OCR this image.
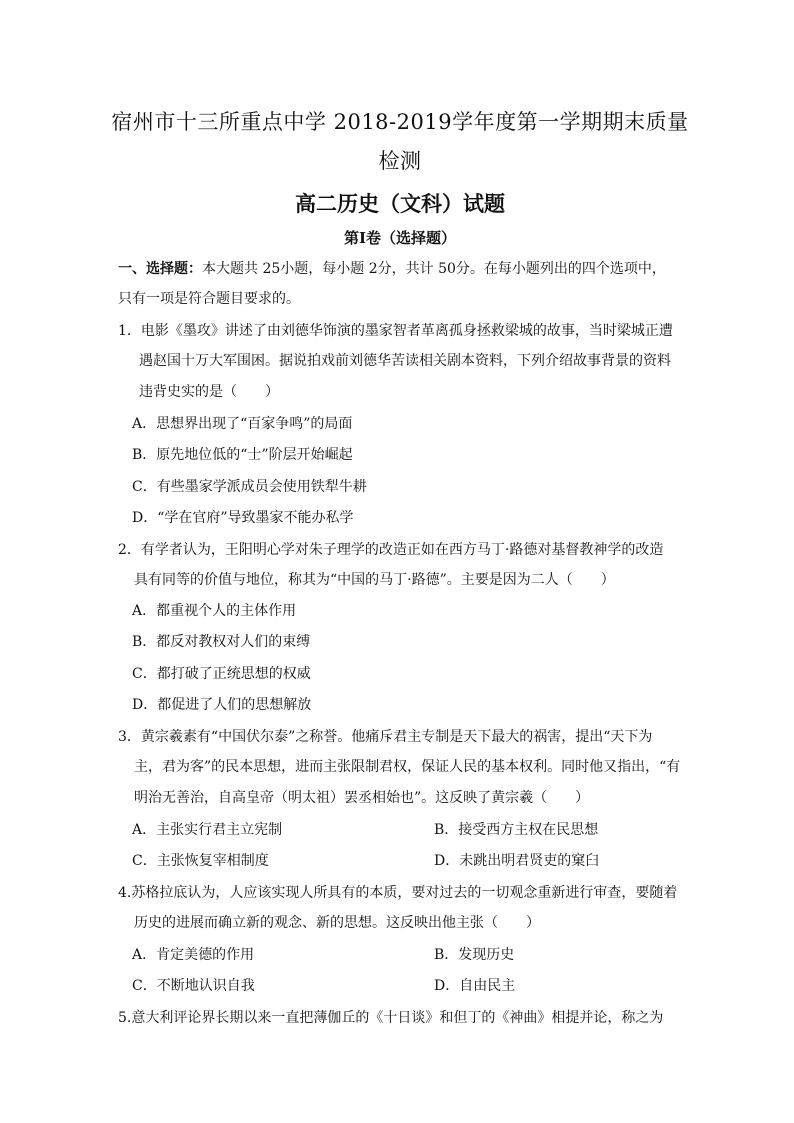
宿州市十三所重点中学 2018-2019学年度第一学期期末质量
检测
高二历史（文科）试题
第Ⅰ卷（选择题）
一、选择题：本大题共 25小题，每小题 2分，共计 50分。在每小题列出的四个选项中，
只有一项是符合题目要求的。
1．电影《墨攻》讲述了由刘德华饰演的墨家智者革离孤身拯救梁城的故事，当时梁城正遭
遇赵国十万大军围困。据说拍戏前刘德华苦读相关剧本资料，下列介绍故事背景的资料
违背史实的是（　　）
A．思想界出现了“百家争鸣”的局面
B．原先地位低的“士”阶层开始崛起
C．有些墨家学派成员会使用铁犁牛耕
D．“学在官府”导致墨家不能办私学
2．有学者认为，王阳明心学对朱子理学的改造正如在西方马丁·路德对基督教神学的改造
具有同等的价值与地位，称其为“中国的马丁·路德”。主要是因为二人（　　）
A．都重视个人的主体作用
B．都反对教权对人们的束缚
C．都打破了正统思想的权威
D．都促进了人们的思想解放
3．黄宗羲素有“中国伏尔泰”之称誉。他痛斥君主专制是天下最大的祸害，提出“天下为
主，君为客”的民本思想，进而主张限制君权，保证人民的基本权利。同时他又指出，“有
明治无善治，自高皇帝（明太祖）罢丞相始也”。这反映了黄宗羲（　　）
A．主张实行君主立宪制	B．接受西方主权在民思想
C．主张恢复宰相制度	D．未跳出明君贤吏的窠臼
4.苏格拉底认为，人应该实现人所具有的本质，要对过去的一切观念重新进行审查，要随着
历史的进展而确立新的观念、新的思想。这反映出他主张（　　）
A．肯定美德的作用	B．发现历史
C．不断地认识自我	D．自由民主
5.意大利评论界长期以来一直把薄伽丘的《十日谈》和但丁的《神曲》相提并论，称之为
